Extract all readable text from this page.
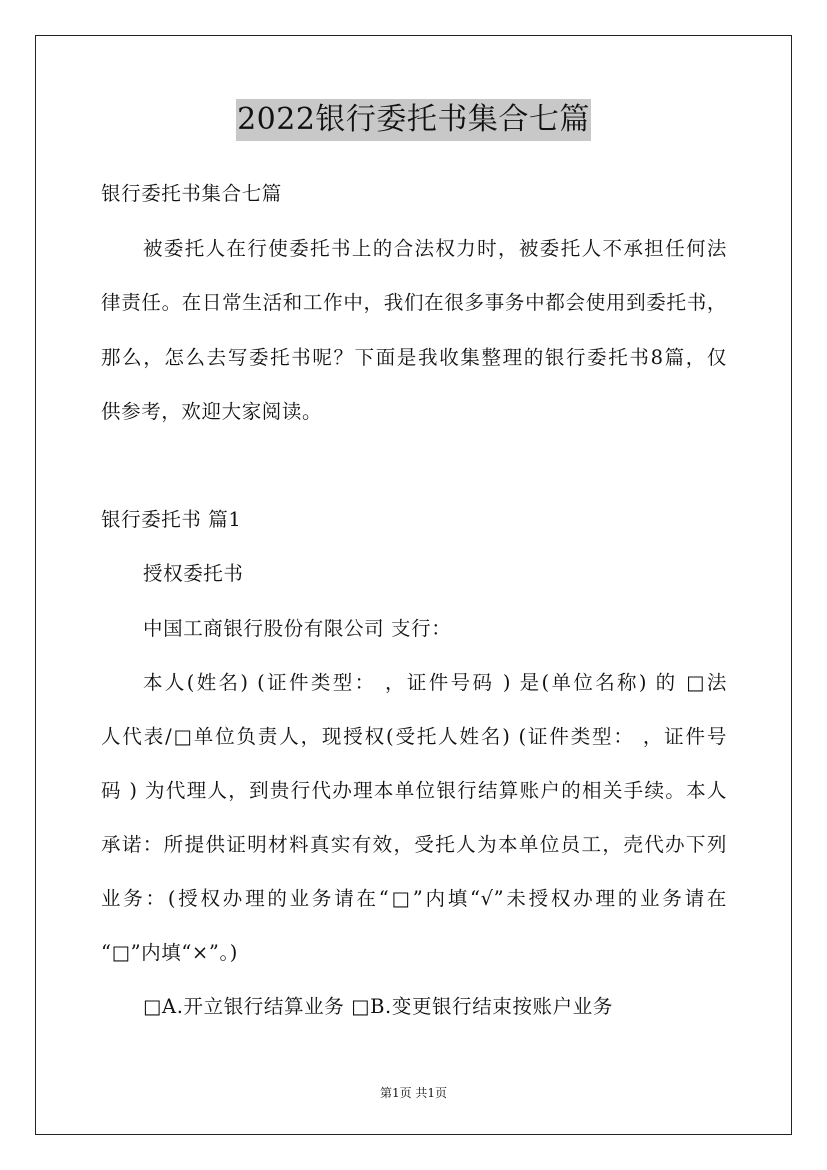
2022银行委托书集合七篇
银行委托书集合七篇
被委托人在行使委托书上的合法权力时，被委托人不承担任何法
律责任。在日常生活和工作中，我们在很多事务中都会使用到委托书，
那么，怎么去写委托书呢？下面是我收集整理的银行委托书8篇，仅
供参考，欢迎大家阅读。
银行委托书 篇1
授权委托书
中国工商银行股份有限公司 支行：
本人(姓名) (证件类型： ，证件号码 ) 是(单位名称) 的 □法
人代表/□单位负责人，现授权(受托人姓名) (证件类型： ，证件号
码 ) 为代理人，到贵行代办理本单位银行结算账户的相关手续。本人
承诺：所提供证明材料真实有效，受托人为本单位员工，売代办下列
业务：(授权办理的业务请在“□”内填“√”未授权办理的业务请在
“□”内填“×”。)
□A.开立银行结算业务 □B.变更银行结束按账户业务
第1页 共1页
